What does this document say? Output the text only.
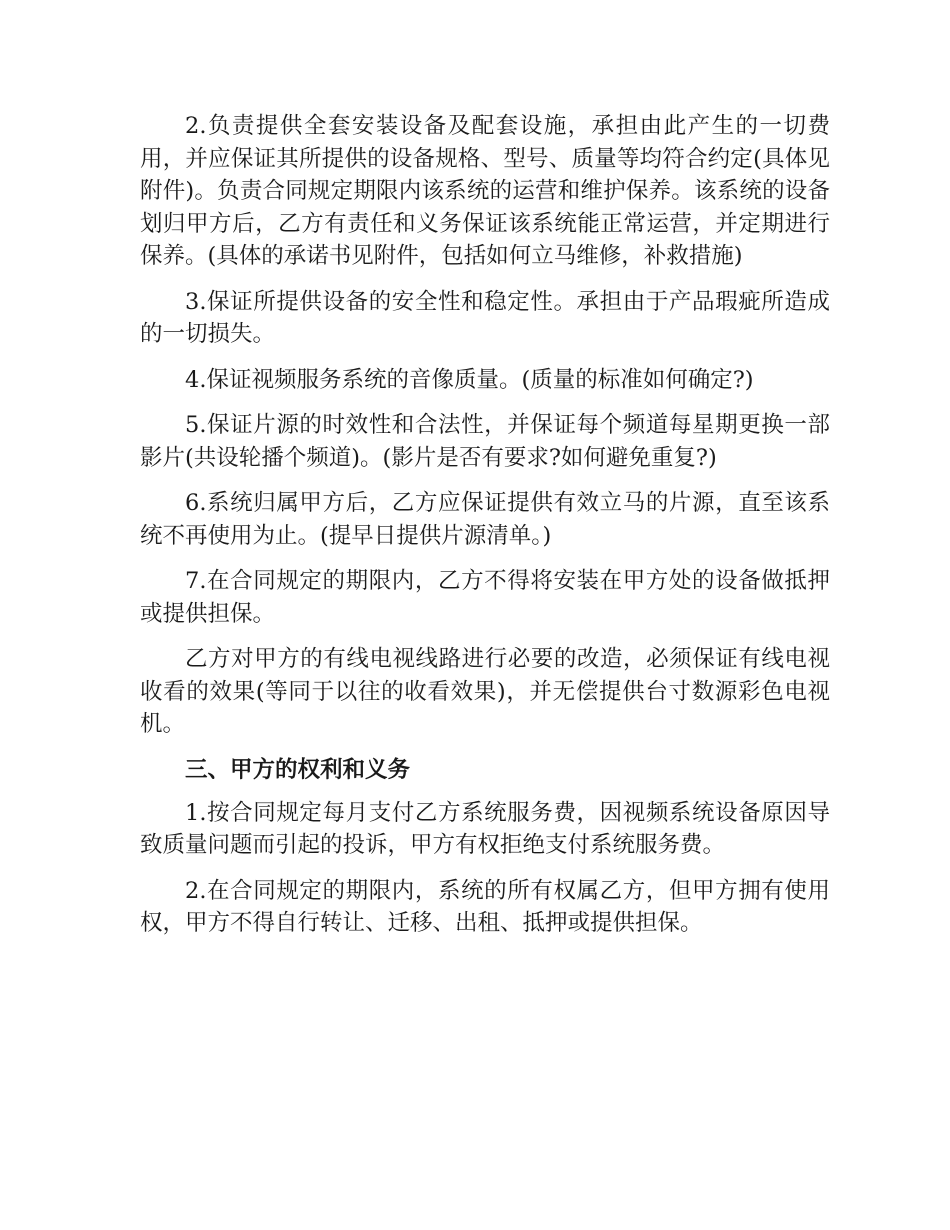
2.负责提供全套安装设备及配套设施，承担由此产生的一切费用，并应保证其所提供的设备规格、型号、质量等均符合约定(具体见附件)。负责合同规定期限内该系统的运营和维护保养。该系统的设备划归甲方后，乙方有责任和义务保证该系统能正常运营，并定期进行保养。(具体的承诺书见附件，包括如何立马维修，补救措施)

3.保证所提供设备的安全性和稳定性。承担由于产品瑕疵所造成的一切损失。

4.保证视频服务系统的音像质量。(质量的标准如何确定?)

5.保证片源的时效性和合法性，并保证每个频道每星期更换一部影片(共设轮播个频道)。(影片是否有要求?如何避免重复?)

6.系统归属甲方后，乙方应保证提供有效立马的片源，直至该系统不再使用为止。(提早日提供片源清单。)

7.在合同规定的期限内，乙方不得将安装在甲方处的设备做抵押或提供担保。

乙方对甲方的有线电视线路进行必要的改造，必须保证有线电视收看的效果(等同于以往的收看效果)，并无偿提供台寸数源彩色电视机。

三、甲方的权利和义务

1.按合同规定每月支付乙方系统服务费，因视频系统设备原因导致质量问题而引起的投诉，甲方有权拒绝支付系统服务费。

2.在合同规定的期限内，系统的所有权属乙方，但甲方拥有使用权，甲方不得自行转让、迁移、出租、抵押或提供担保。
